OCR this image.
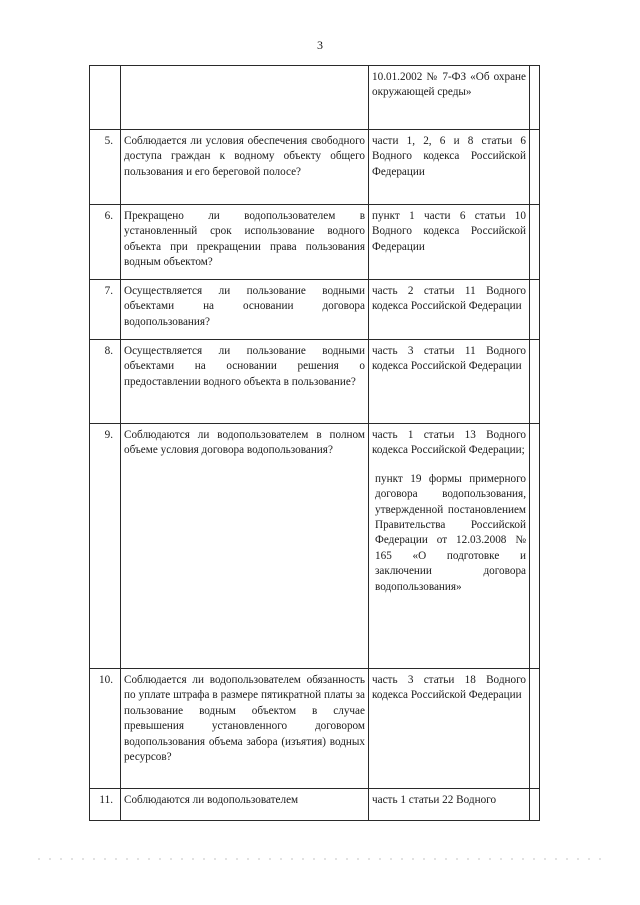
3

		10.01.2002 № 7-ФЗ «Об охране окружающей среды»	

5.	Соблюдается ли условия обеспечения свободного доступа граждан к водному объекту общего пользования и его береговой полосе?	части 1, 2, 6 и 8 статьи 6 Водного кодекса Российской Федерации	

6.	Прекращено ли водопользователем в установленный срок использование водного объекта при прекращении права пользования водным объектом?	пункт 1 части 6 статьи 10 Водного кодекса Российской Федерации	

7.	Осуществляется ли пользование водными объектами на основании договора водопользования?	часть 2 статьи 11 Водного кодекса Российской Федерации	

8.	Осуществляется ли пользование водными объектами на основании решения о предоставлении водного объекта в пользование?	часть 3 статьи 11 Водного кодекса Российской Федерации	

9.	Соблюдаются ли водопользователем в полном объеме условия договора водопользования?	часть 1 статьи 13 Водного кодекса Российской Федерации;
пункт 19 формы примерного договора водопользования, утвержденной постановлением Правительства Российской Федерации от 12.03.2008 № 165 «О подготовке и заключении договора водопользования»	

10.	Соблюдается ли водопользователем обязанность по уплате штрафа в размере пятикратной платы за пользование водным объектом в случае превышения установленного договором водопользования объема забора (изъятия) водных ресурсов?	часть 3 статьи 18 Водного кодекса Российской Федерации	

11.	Соблюдаются ли водопользователем	часть 1 статьи 22 Водного	
